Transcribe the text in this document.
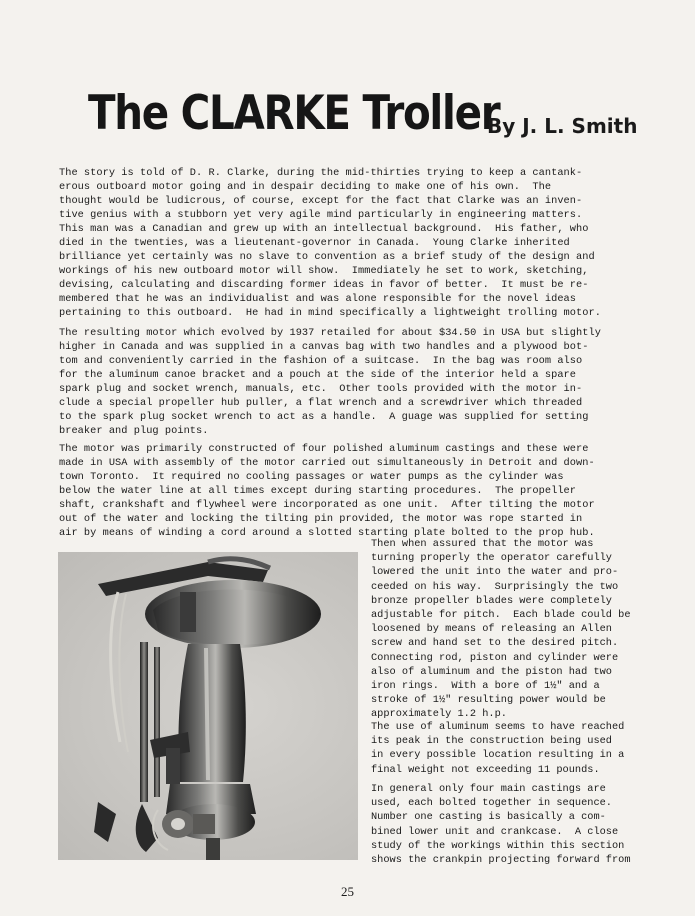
The CLARKE Troller
By J. L. Smith
The story is told of D. R. Clarke, during the mid-thirties trying to keep a cantank-
erous outboard motor going and in despair deciding to make one of his own.  The
thought would be ludicrous, of course, except for the fact that Clarke was an inven-
tive genius with a stubborn yet very agile mind particularly in engineering matters.
This man was a Canadian and grew up with an intellectual background.  His father, who
died in the twenties, was a lieutenant-governor in Canada.  Young Clarke inherited
brilliance yet certainly was no slave to convention as a brief study of the design and
workings of his new outboard motor will show.  Immediately he set to work, sketching,
devising, calculating and discarding former ideas in favor of better.  It must be re-
membered that he was an individualist and was alone responsible for the novel ideas
pertaining to this outboard.  He had in mind specifically a lightweight trolling motor.
The resulting motor which evolved by 1937 retailed for about $34.50 in USA but slightly
higher in Canada and was supplied in a canvas bag with two handles and a plywood bot-
tom and conveniently carried in the fashion of a suitcase.  In the bag was room also
for the aluminum canoe bracket and a pouch at the side of the interior held a spare
spark plug and socket wrench, manuals, etc.  Other tools provided with the motor in-
clude a special propeller hub puller, a flat wrench and a screwdriver which threaded
to the spark plug socket wrench to act as a handle.  A guage was supplied for setting
breaker and plug points.
The motor was primarily constructed of four polished aluminum castings and these were
made in USA with assembly of the motor carried out simultaneously in Detroit and down-
town Toronto.  It required no cooling passages or water pumps as the cylinder was
below the water line at all times except during starting procedures.  The propeller
shaft, crankshaft and flywheel were incorporated as one unit.  After tilting the motor
out of the water and locking the tilting pin provided, the motor was rope started in
air by means of winding a cord around a slotted starting plate bolted to the prop hub.
Then when assured that the motor was
turning properly the operator carefully
lowered the unit into the water and pro-
ceeded on his way.  Surprisingly the two
bronze propeller blades were completely
adjustable for pitch.  Each blade could be
loosened by means of releasing an Allen
screw and hand set to the desired pitch.
Connecting rod, piston and cylinder were
also of aluminum and the piston had two
iron rings.  With a bore of 1½" and a
stroke of 1½" resulting power would be
approximately 1.2 h.p.
The use of aluminum seems to have reached
its peak in the construction being used
in every possible location resulting in a
final weight not exceeding 11 pounds.
In general only four main castings are
used, each bolted together in sequence.
Number one casting is basically a com-
bined lower unit and crankcase.  A close
study of the workings within this section
shows the crankpin projecting forward from
25
